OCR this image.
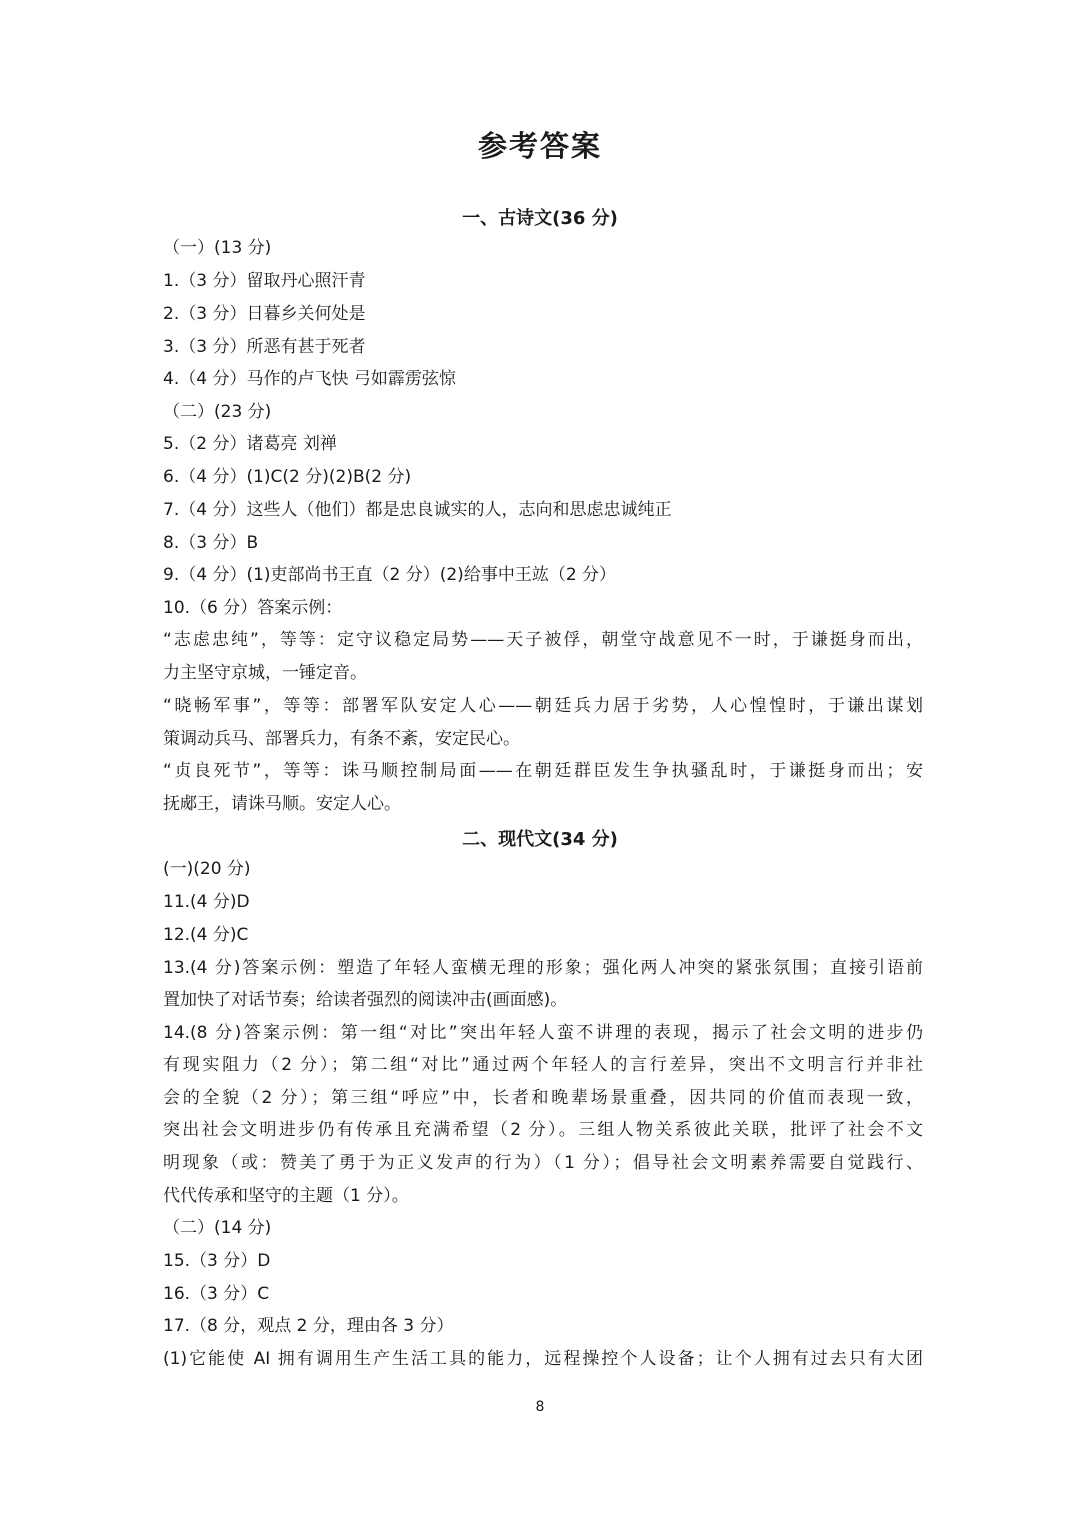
参考答案
一、古诗文(36 分)
（一）(13 分)
1.（3 分）留取丹心照汗青
2.（3 分）日暮乡关何处是
3.（3 分）所恶有甚于死者
4.（4 分）马作的卢飞快 弓如霹雳弦惊
（二）(23 分)
5.（2 分）诸葛亮 刘禅
6.（4 分）(1)C(2 分)(2)B(2 分)
7.（4 分）这些人（他们）都是忠良诚实的人，志向和思虑忠诚纯正
8.（3 分）B
9.（4 分）(1)吏部尚书王直（2 分）(2)给事中王竑（2 分）
10.（6 分）答案示例：
“志虑忠纯”，等等：定守议稳定局势——天子被俘，朝堂守战意见不一时，于谦挺身而出，
力主坚守京城，一锤定音。
“晓畅军事”，等等：部署军队安定人心——朝廷兵力居于劣势，人心惶惶时，于谦出谋划
策调动兵马、部署兵力，有条不紊，安定民心。
“贞良死节”，等等：诛马顺控制局面——在朝廷群臣发生争执骚乱时，于谦挺身而出；安
抚郕王，请诛马顺。安定人心。
二、现代文(34 分)
(一)(20 分)
11.(4 分)D
12.(4 分)C
13.(4 分)答案示例：塑造了年轻人蛮横无理的形象；强化两人冲突的紧张氛围；直接引语前
置加快了对话节奏；给读者强烈的阅读冲击(画面感)。
14.(8 分)答案示例：第一组“对比”突出年轻人蛮不讲理的表现，揭示了社会文明的进步仍
有现实阻力（2 分）；第二组“对比”通过两个年轻人的言行差异，突出不文明言行并非社
会的全貌（2 分）；第三组“呼应”中，长者和晚辈场景重叠，因共同的价值而表现一致，
突出社会文明进步仍有传承且充满希望（2 分）。三组人物关系彼此关联，批评了社会不文
明现象（或：赞美了勇于为正义发声的行为）（1 分）；倡导社会文明素养需要自觉践行、
代代传承和坚守的主题（1 分）。
（二）(14 分)
15.（3 分）D
16.（3 分）C
17.（8 分，观点 2 分，理由各 3 分）
(1)它能使 AI 拥有调用生产生活工具的能力，远程操控个人设备；让个人拥有过去只有大团
8
